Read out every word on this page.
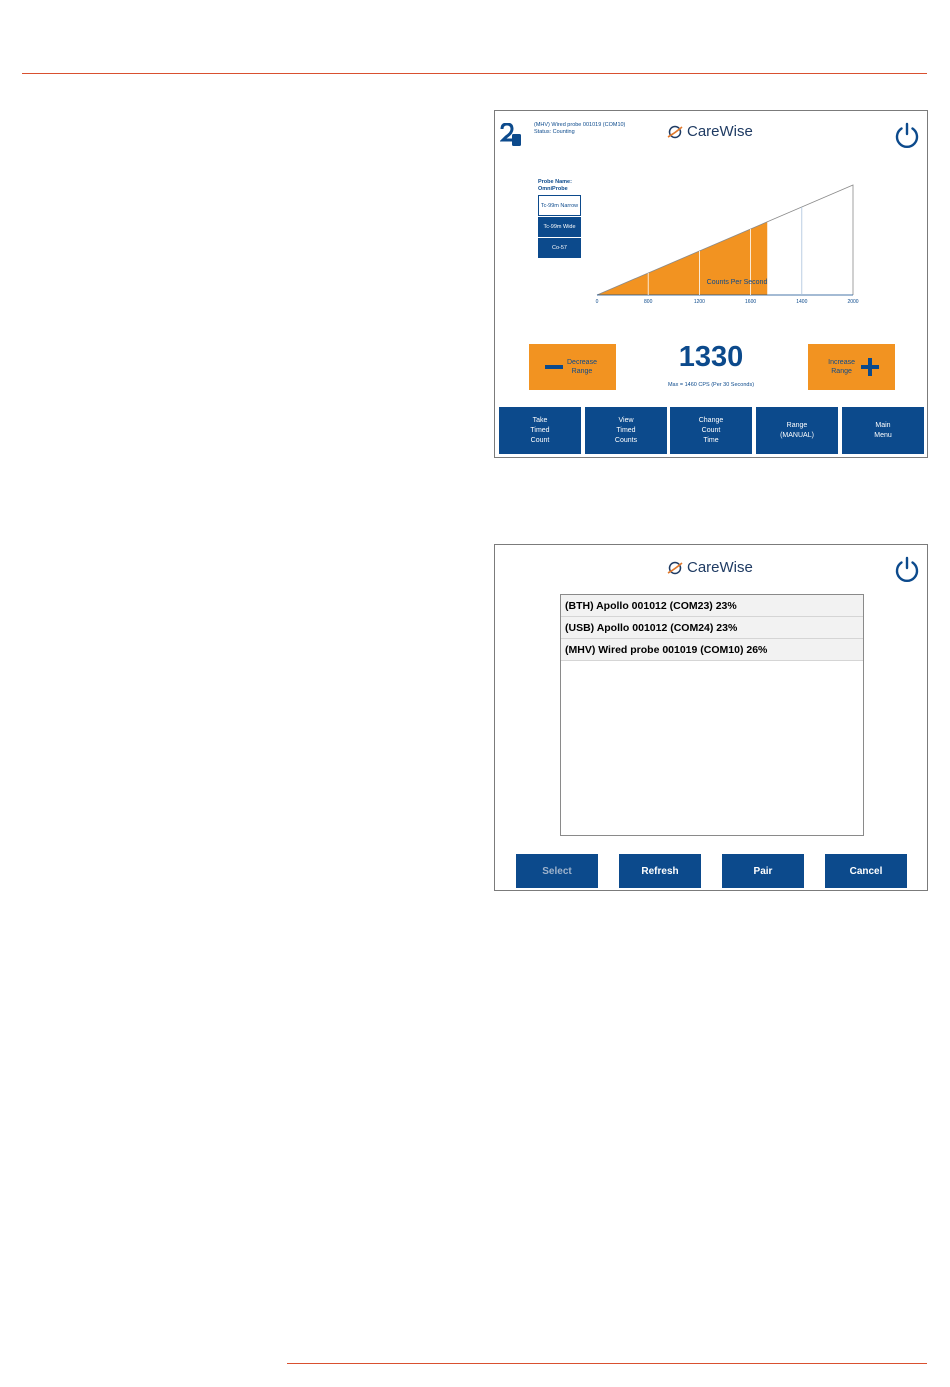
(MHV) Wired probe 001019 (COM10)
Status: Counting	CareWise
Probe Name:
OmniProbe
Tc-99m Narrow
Tc-99m Wide
Co-57
0	800	1200	1600	1400	2000
Counts Per Second
Decrease
Range	1330
Max = 1460 CPS (Per 30 Seconds)
Increase
Range
Take
Timed
Count
View
Timed
Counts
Change
Count
Time
Range
(MANUAL)
Main
Menu
CareWise
(BTH) Apollo 001012 (COM23) 23%
(USB) Apollo 001012 (COM24) 23%
(MHV) Wired probe 001019 (COM10) 26%
Select	Refresh	Pair	Cancel
